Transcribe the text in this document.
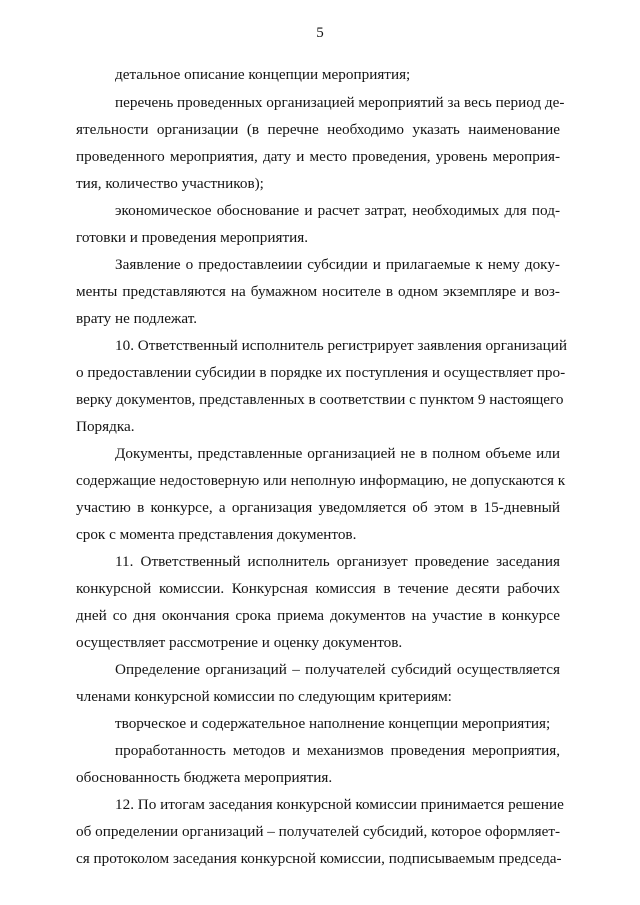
5
детальное описание концепции мероприятия;
перечень проведенных организацией мероприятий за весь период де-
ятельности организации (в перечне необходимо указать наименование
проведенного мероприятия, дату и место проведения, уровень мероприя-
тия, количество участников);
экономическое обоснование и расчет затрат, необходимых для под-
готовки и проведения мероприятия.
Заявление о предоставлеиии субсидии и прилагаемые к нему доку-
менты представляются на бумажном носителе в одном экземпляре и воз-
врату не подлежат.
10. Ответственный исполнитель регистрирует заявления организаций
о предоставлении субсидии в порядке их поступления и осуществляет про-
верку документов, представленных в соответствии с пунктом 9 настоящего
Порядка.
Документы, представленные организацией не в полном объеме или
содержащие недостоверную или неполную информацию, не допускаются к
участию в конкурсе, а организация уведомляется об этом в 15-дневный
срок с момента представления документов.
11. Ответственный исполнитель организует проведение заседания
конкурсной комиссии. Конкурсная комиссия в течение десяти рабочих
дней со дня окончания срока приема документов на участие в конкурсе
осуществляет рассмотрение и оценку документов.
Определение организаций – получателей субсидий осуществляется
членами конкурсной комиссии по следующим критериям:
творческое и содержательное наполнение концепции мероприятия;
проработанность методов и механизмов проведения мероприятия,
обоснованность бюджета мероприятия.
12. По итогам заседания конкурсной комиссии принимается решение
об определении организаций – получателей субсидий, которое оформляет-
ся протоколом заседания конкурсной комиссии, подписываемым председа-
